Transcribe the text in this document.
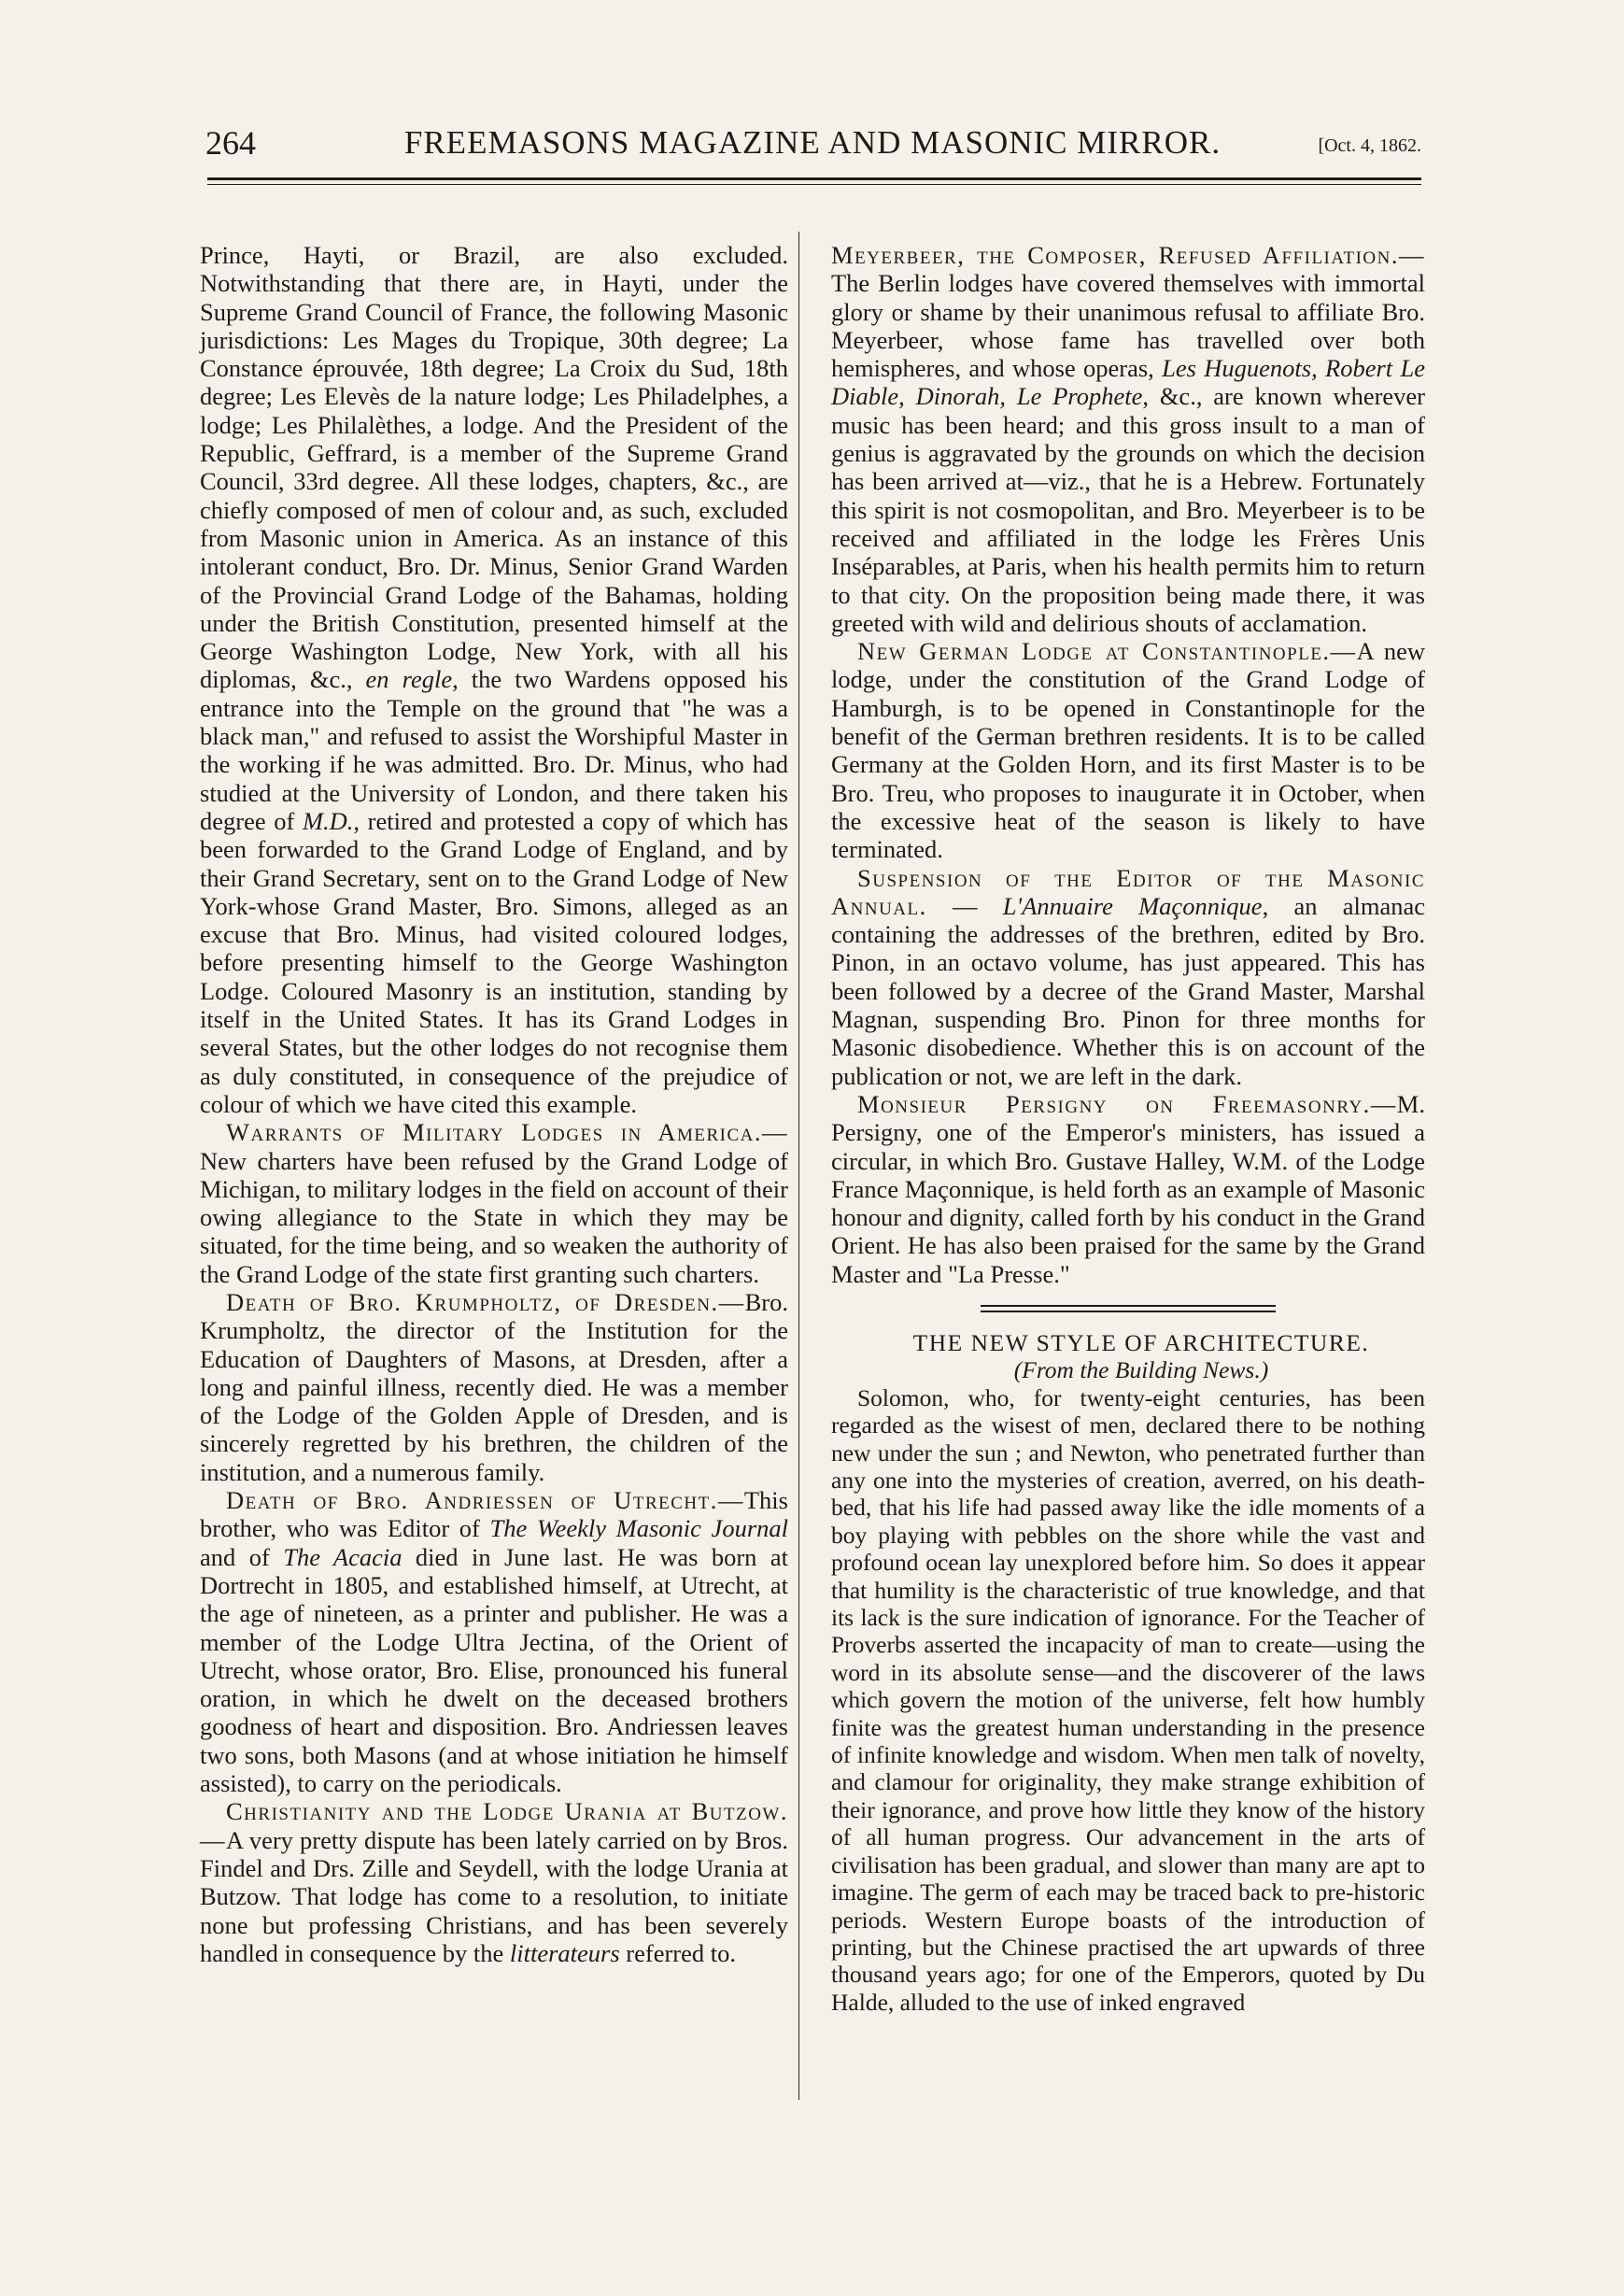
264	FREEMASONS MAGAZINE AND MASONIC MIRROR.	[Oct. 4, 1862.

Prince, Hayti, or Brazil, are also excluded. Notwithstanding that there are, in Hayti, under the Supreme Grand Council of France, the following Masonic jurisdictions: Les Mages du Tropique, 30th degree; La Constance éprouvée, 18th degree; La Croix du Sud, 18th degree; Les Elevès de la nature lodge; Les Philadelphes, a lodge; Les Philalèthes, a lodge. And the President of the Republic, Geffrard, is a member of the Supreme Grand Council, 33rd degree. All these lodges, chapters, &c., are chiefly composed of men of colour and, as such, excluded from Masonic union in America. As an instance of this intolerant conduct, Bro. Dr. Minus, Senior Grand Warden of the Provincial Grand Lodge of the Bahamas, holding under the British Constitution, presented himself at the George Washington Lodge, New York, with all his diplomas, &c., en regle, the two Wardens opposed his entrance into the Temple on the ground that "he was a black man," and refused to assist the Worshipful Master in the working if he was admitted. Bro. Dr. Minus, who had studied at the University of London, and there taken his degree of M.D., retired and protested a copy of which has been forwarded to the Grand Lodge of England, and by their Grand Secretary, sent on to the Grand Lodge of New York-whose Grand Master, Bro. Simons, alleged as an excuse that Bro. Minus, had visited coloured lodges, before presenting himself to the George Washington Lodge. Coloured Masonry is an institution, standing by itself in the United States. It has its Grand Lodges in several States, but the other lodges do not recognise them as duly constituted, in consequence of the prejudice of colour of which we have cited this example.

Warrants of Military Lodges in America.—New charters have been refused by the Grand Lodge of Michigan, to military lodges in the field on account of their owing allegiance to the State in which they may be situated, for the time being, and so weaken the authority of the Grand Lodge of the state first granting such charters.

Death of Bro. Krumpholtz, of Dresden.—Bro. Krumpholtz, the director of the Institution for the Education of Daughters of Masons, at Dresden, after a long and painful illness, recently died. He was a member of the Lodge of the Golden Apple of Dresden, and is sincerely regretted by his brethren, the children of the institution, and a numerous family.

Death of Bro. Andriessen of Utrecht.—This brother, who was Editor of The Weekly Masonic Journal and of The Acacia died in June last. He was born at Dortrecht in 1805, and established himself, at Utrecht, at the age of nineteen, as a printer and publisher. He was a member of the Lodge Ultra Jectina, of the Orient of Utrecht, whose orator, Bro. Elise, pronounced his funeral oration, in which he dwelt on the deceased brothers goodness of heart and disposition. Bro. Andriessen leaves two sons, both Masons (and at whose initiation he himself assisted), to carry on the periodicals.

Christianity and the Lodge Urania at Butzow.—A very pretty dispute has been lately carried on by Bros. Findel and Drs. Zille and Seydell, with the lodge Urania at Butzow. That lodge has come to a resolution, to initiate none but professing Christians, and has been severely handled in consequence by the litterateurs referred to.

Meyerbeer, the Composer, Refused Affiliation.—The Berlin lodges have covered themselves with immortal glory or shame by their unanimous refusal to affiliate Bro. Meyerbeer, whose fame has travelled over both hemispheres, and whose operas, Les Huguenots, Robert Le Diable, Dinorah, Le Prophete, &c., are known wherever music has been heard; and this gross insult to a man of genius is aggravated by the grounds on which the decision has been arrived at—viz., that he is a Hebrew. Fortunately this spirit is not cosmopolitan, and Bro. Meyerbeer is to be received and affiliated in the lodge les Frères Unis Inséparables, at Paris, when his health permits him to return to that city. On the proposition being made there, it was greeted with wild and delirious shouts of acclamation.

New German Lodge at Constantinople.—A new lodge, under the constitution of the Grand Lodge of Hamburgh, is to be opened in Constantinople for the benefit of the German brethren residents. It is to be called Germany at the Golden Horn, and its first Master is to be Bro. Treu, who proposes to inaugurate it in October, when the excessive heat of the season is likely to have terminated.

Suspension of the Editor of the Masonic Annual. — L'Annuaire Maçonnique, an almanac containing the addresses of the brethren, edited by Bro. Pinon, in an octavo volume, has just appeared. This has been followed by a decree of the Grand Master, Marshal Magnan, suspending Bro. Pinon for three months for Masonic disobedience. Whether this is on account of the publication or not, we are left in the dark.

Monsieur Persigny on Freemasonry.—M. Persigny, one of the Emperor's ministers, has issued a circular, in which Bro. Gustave Halley, W.M. of the Lodge France Maçonnique, is held forth as an example of Masonic honour and dignity, called forth by his conduct in the Grand Orient. He has also been praised for the same by the Grand Master and "La Presse."

THE NEW STYLE OF ARCHITECTURE.

(From the Building News.)

Solomon, who, for twenty-eight centuries, has been regarded as the wisest of men, declared there to be nothing new under the sun ; and Newton, who penetrated further than any one into the mysteries of creation, averred, on his death-bed, that his life had passed away like the idle moments of a boy playing with pebbles on the shore while the vast and profound ocean lay unexplored before him. So does it appear that humility is the characteristic of true knowledge, and that its lack is the sure indication of ignorance. For the Teacher of Proverbs asserted the incapacity of man to create—using the word in its absolute sense—and the discoverer of the laws which govern the motion of the universe, felt how humbly finite was the greatest human understanding in the presence of infinite knowledge and wisdom. When men talk of novelty, and clamour for originality, they make strange exhibition of their ignorance, and prove how little they know of the history of all human progress. Our advancement in the arts of civilisation has been gradual, and slower than many are apt to imagine. The germ of each may be traced back to pre-historic periods. Western Europe boasts of the introduction of printing, but the Chinese practised the art upwards of three thousand years ago; for one of the Emperors, quoted by Du Halde, alluded to the use of inked engraved
